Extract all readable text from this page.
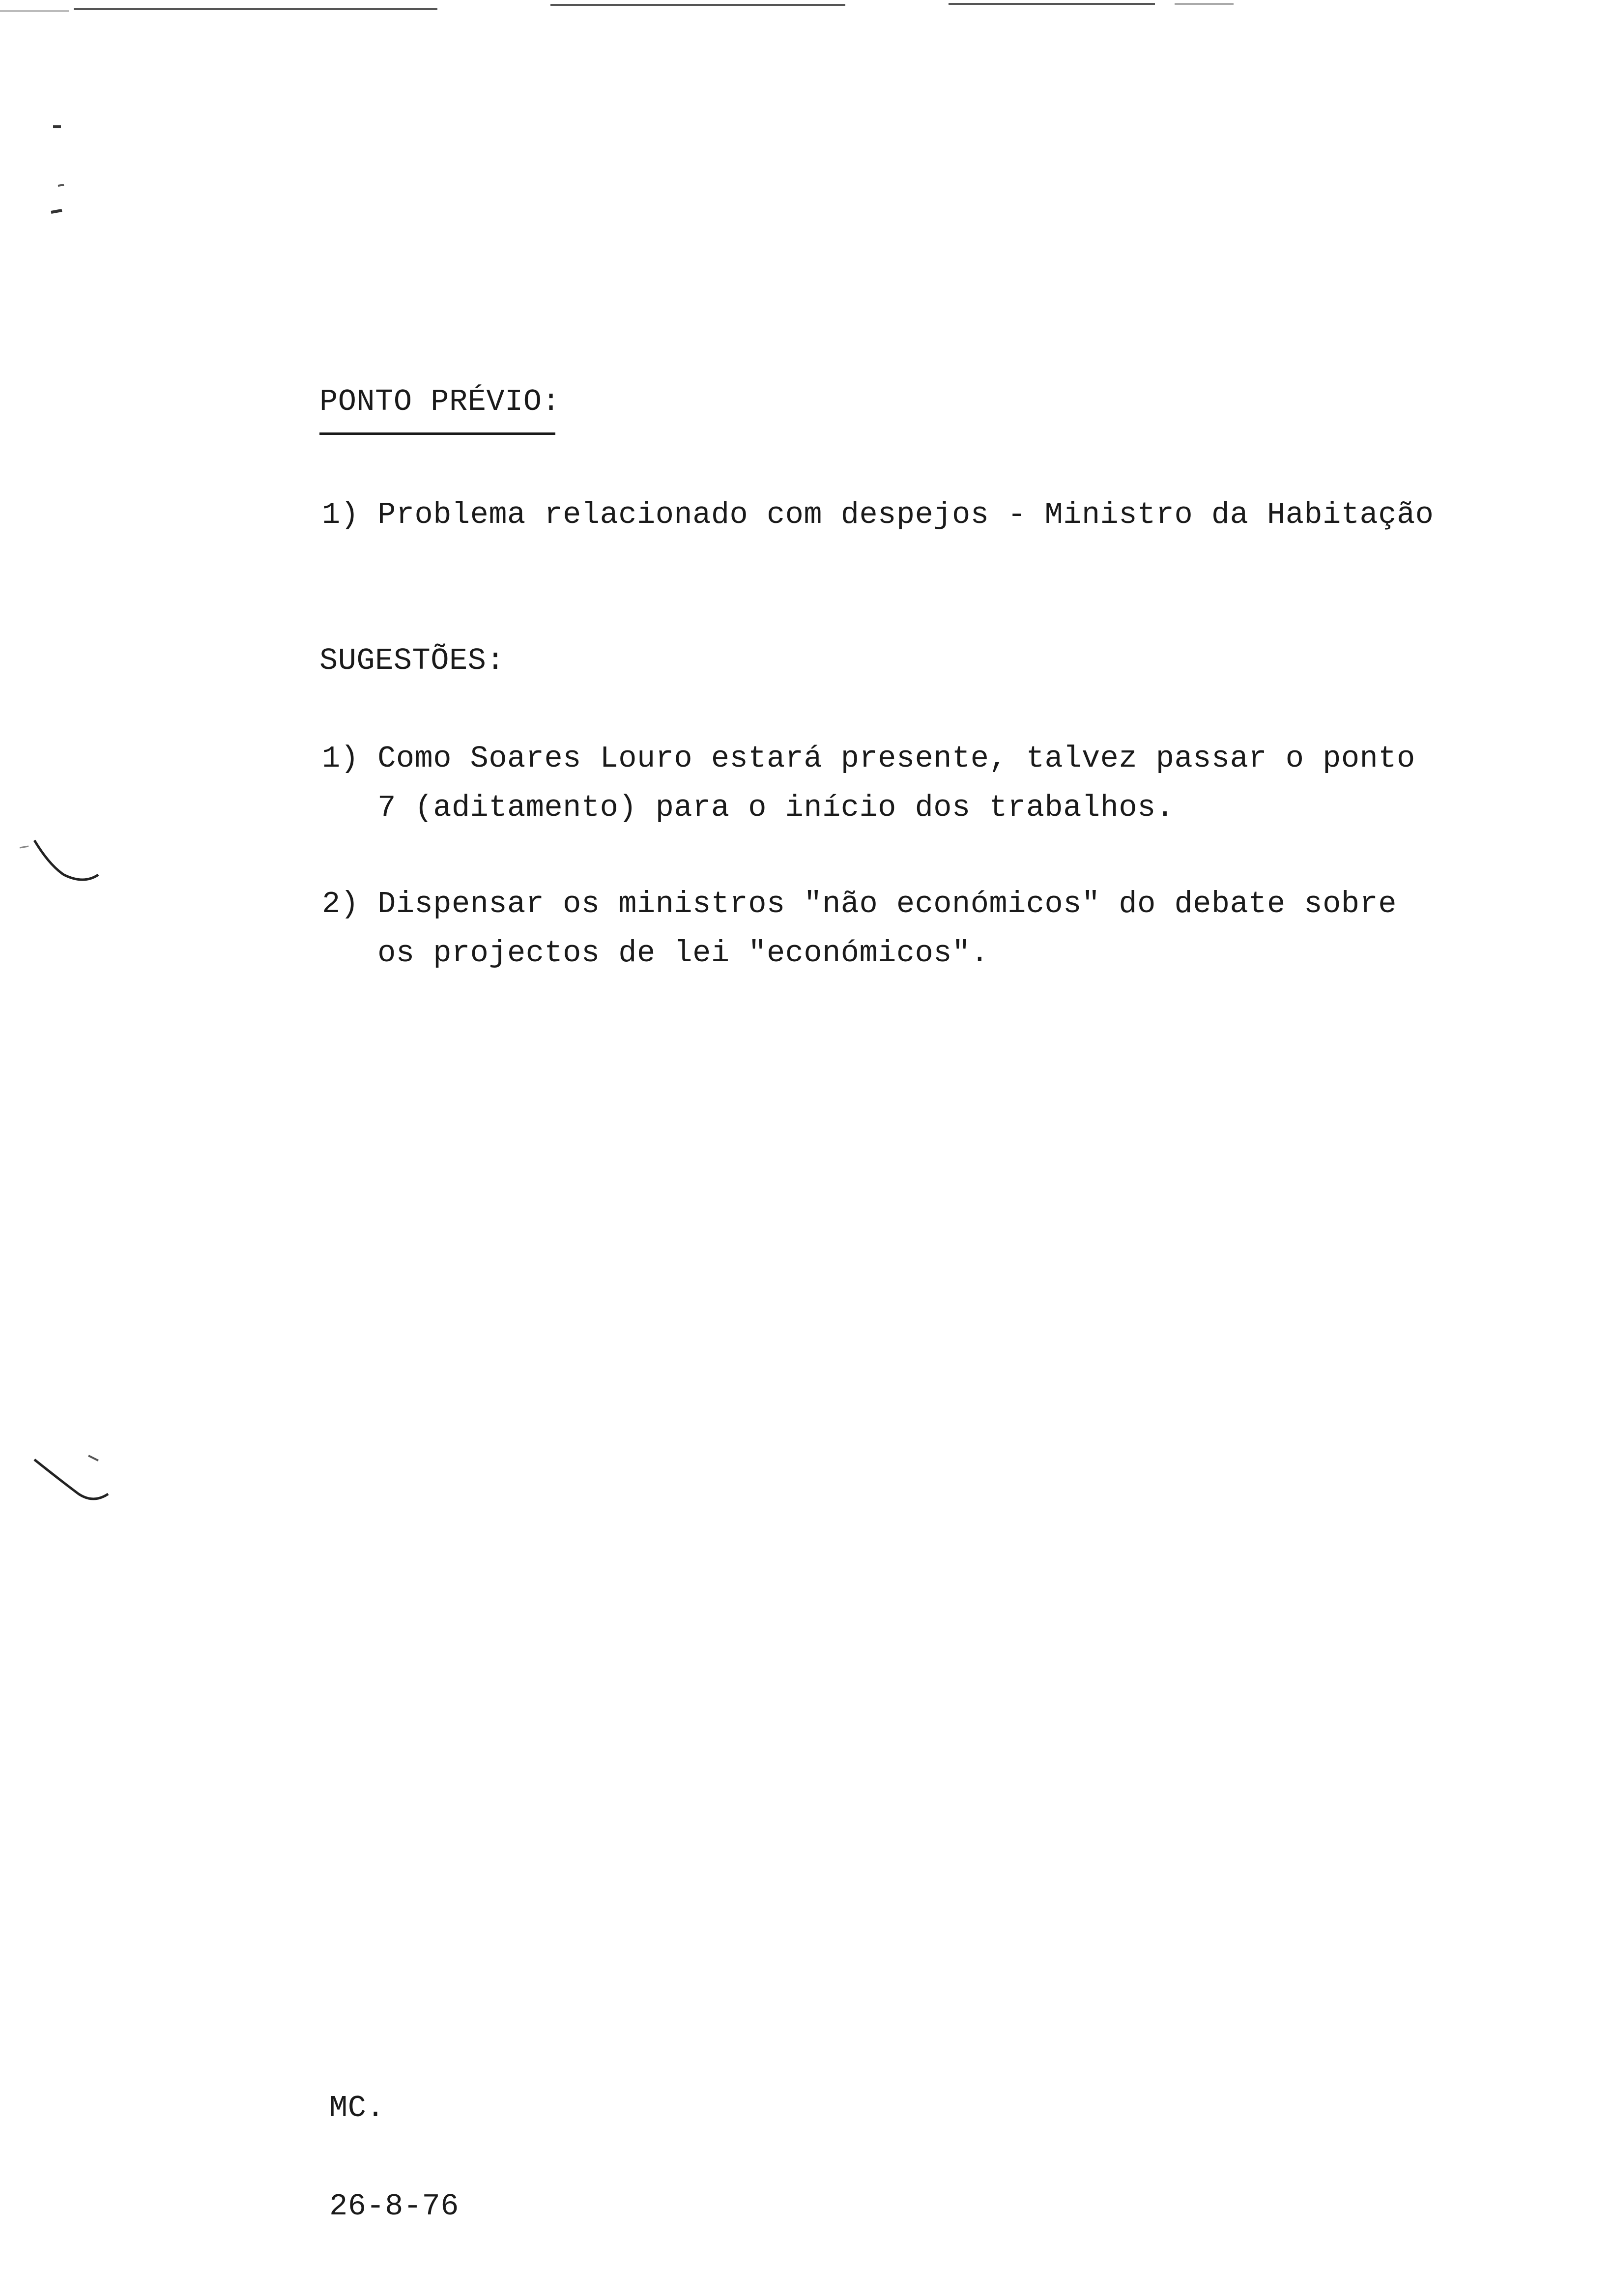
PONTO PRÉVIO:
1) Problema relacionado com despejos - Ministro da Habitação
SUGESTÕES:
1) Como Soares Louro estará presente, talvez passar o ponto
7 (aditamento) para o início dos trabalhos.
2) Dispensar os ministros "não económicos" do debate sobre
os projectos de lei "económicos".
MC.
26-8-76
